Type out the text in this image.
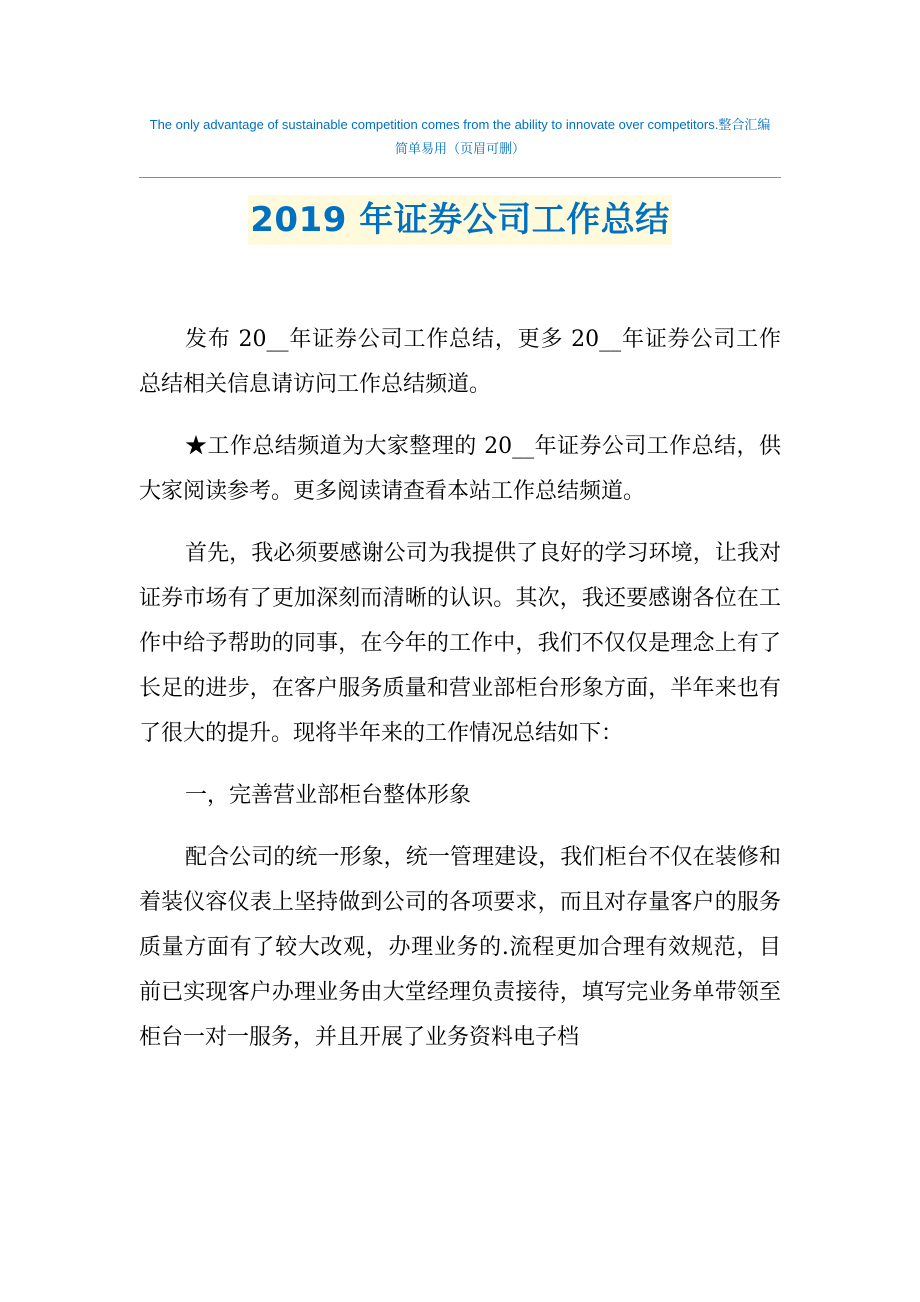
The only advantage of sustainable competition comes from the ability to innovate over competitors.整合汇编
简单易用（页眉可删）
2019 年证券公司工作总结

发布 20__年证券公司工作总结，更多 20__年证券公司工作总结相关信息请访问工作总结频道。

★工作总结频道为大家整理的 20__年证券公司工作总结，供大家阅读参考。更多阅读请查看本站工作总结频道。

首先，我必须要感谢公司为我提供了良好的学习环境，让我对证券市场有了更加深刻而清晰的认识。其次，我还要感谢各位在工作中给予帮助的同事，在今年的工作中，我们不仅仅是理念上有了长足的进步，在客户服务质量和营业部柜台形象方面，半年来也有了很大的提升。现将半年来的工作情况总结如下：

一，完善营业部柜台整体形象

配合公司的统一形象，统一管理建设，我们柜台不仅在装修和着装仪容仪表上坚持做到公司的各项要求，而且对存量客户的服务质量方面有了较大改观，办理业务的.流程更加合理有效规范，目前已实现客户办理业务由大堂经理负责接待，填写完业务单带领至柜台一对一服务，并且开展了业务资料电子档
